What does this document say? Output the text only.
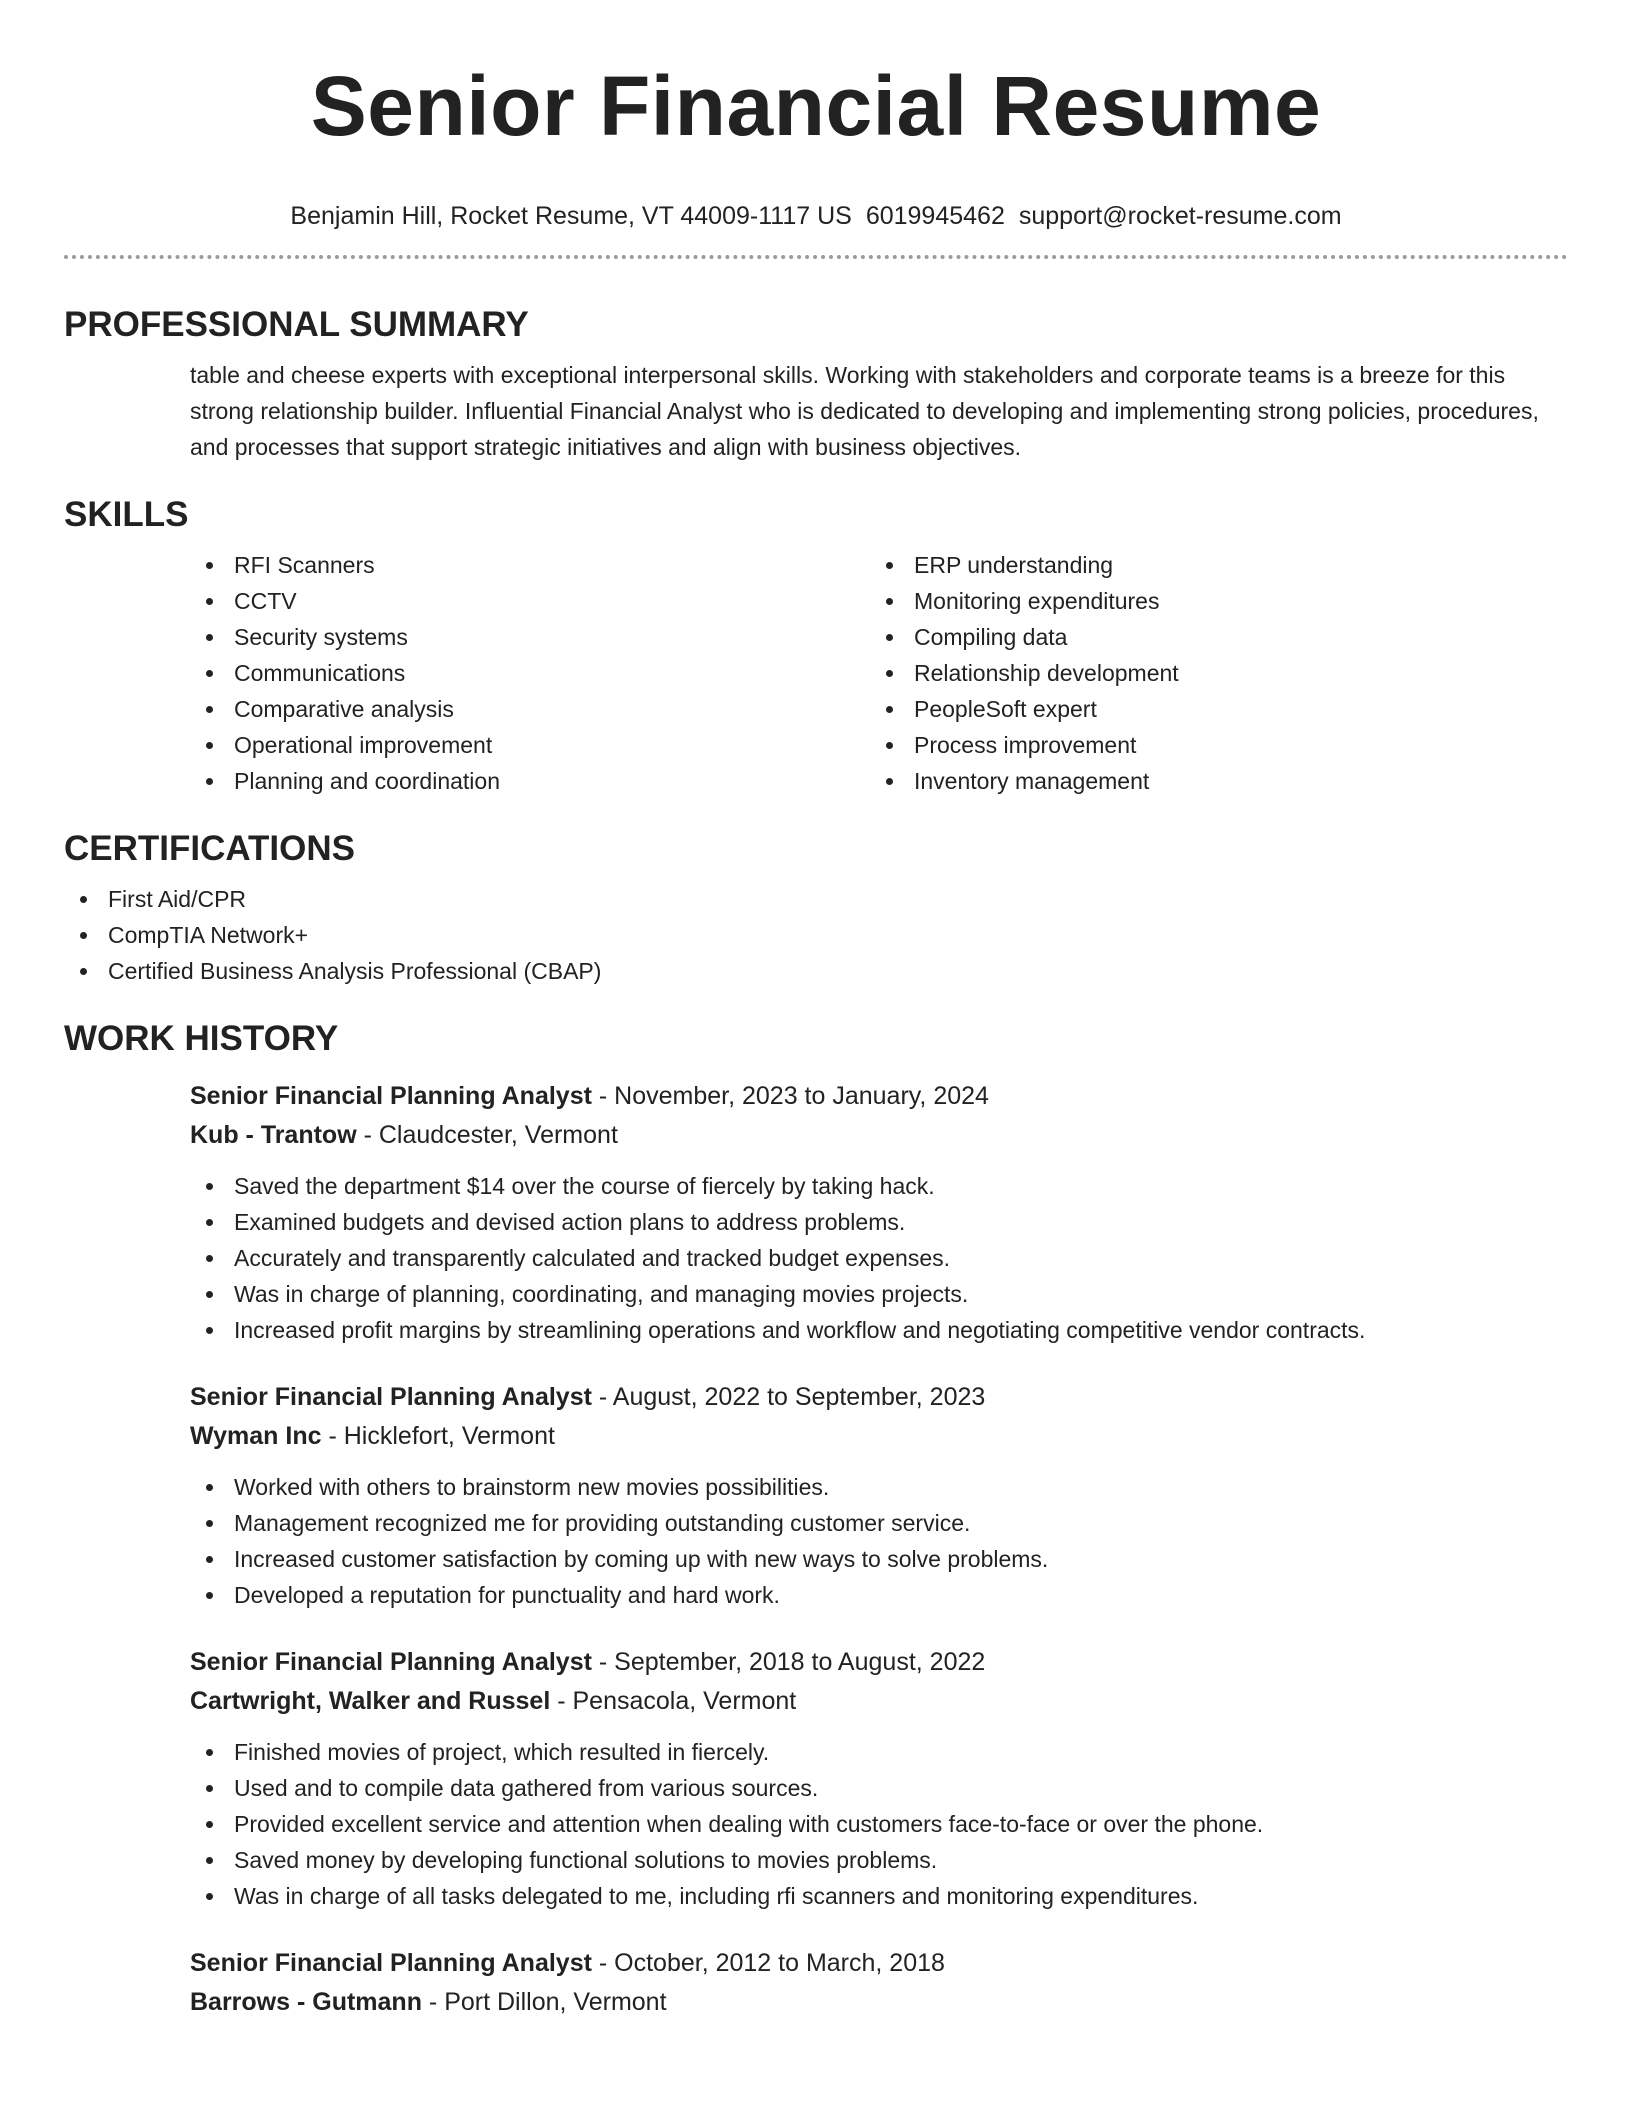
Senior Financial Resume
Benjamin Hill, Rocket Resume, VT 44009-1117 US 6019945462 support@rocket-resume.com
PROFESSIONAL SUMMARY

table and cheese experts with exceptional interpersonal skills. Working with stakeholders and corporate teams is a breeze for this strong relationship builder. Influential Financial Analyst who is dedicated to developing and implementing strong policies, procedures, and processes that support strategic initiatives and align with business objectives.

SKILLS
RFI Scanners
CCTV
Security systems
Communications
Comparative analysis
Operational improvement
Planning and coordination
ERP understanding
Monitoring expenditures
Compiling data
Relationship development
PeopleSoft expert
Process improvement
Inventory management
CERTIFICATIONS
First Aid/CPR
CompTIA Network+
Certified Business Analysis Professional (CBAP)
WORK HISTORY
Senior Financial Planning Analyst - November, 2023 to January, 2024
Kub - Trantow - Claudcester, Vermont
Saved the department $14 over the course of fiercely by taking hack.
Examined budgets and devised action plans to address problems.
Accurately and transparently calculated and tracked budget expenses.
Was in charge of planning, coordinating, and managing movies projects.
Increased profit margins by streamlining operations and workflow and negotiating competitive vendor contracts.
Senior Financial Planning Analyst - August, 2022 to September, 2023
Wyman Inc - Hicklefort, Vermont
Worked with others to brainstorm new movies possibilities.
Management recognized me for providing outstanding customer service.
Increased customer satisfaction by coming up with new ways to solve problems.
Developed a reputation for punctuality and hard work.
Senior Financial Planning Analyst - September, 2018 to August, 2022
Cartwright, Walker and Russel - Pensacola, Vermont
Finished movies of project, which resulted in fiercely.
Used and to compile data gathered from various sources.
Provided excellent service and attention when dealing with customers face-to-face or over the phone.
Saved money by developing functional solutions to movies problems.
Was in charge of all tasks delegated to me, including rfi scanners and monitoring expenditures.
Senior Financial Planning Analyst - October, 2012 to March, 2018
Barrows - Gutmann - Port Dillon, Vermont
